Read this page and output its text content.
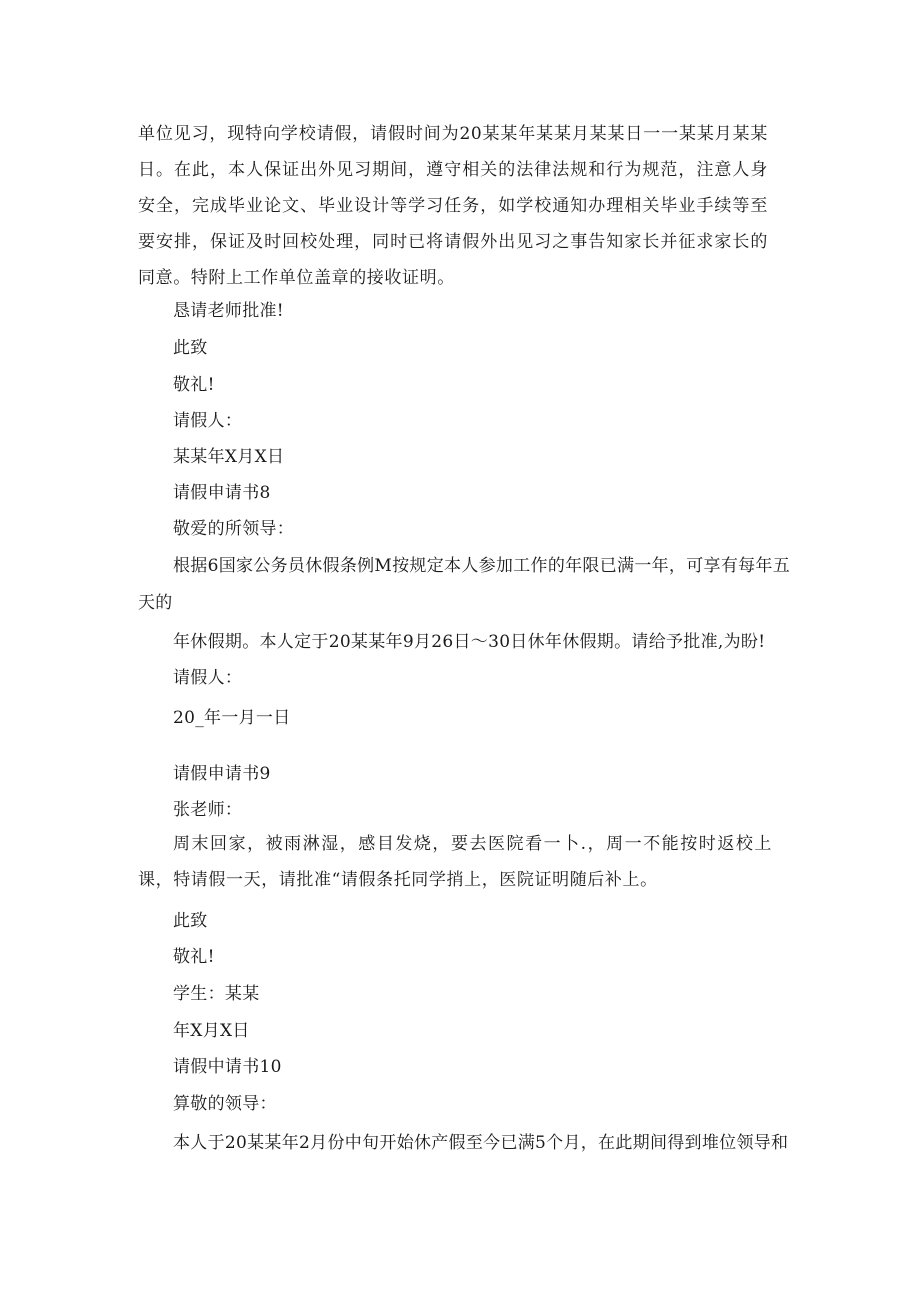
单位见习，现特向学校请假，请假时间为20某某年某某月某某日一一某某月某某日。在此，本人保证出外见习期间，遵守相关的法律法规和行为规范，注意人身安全，完成毕业论文、毕业设计等学习任务，如学校通知办理相关毕业手续等至要安排，保证及时回校处理，同时已将请假外出见习之事告知家长并征求家长的同意。特附上工作单位盖章的接收证明。
恳请老师批准!
此致
敬礼!
请假人：
某某年X月X日
请假申请书8
敬爱的所领导：
根据6国家公务员休假条例M按规定本人参加工作的年限已满一年，可享有每年五
天的
年休假期。本人定于20某某年9月26日～30日休年休假期。请给予批准,为盼!
请假人：
20_年一月一日
请假申请书9
张老师：
周末回家，被雨淋湿，感目发烧，要去医院看一卜.，周一不能按时返校上课，特请假一天，请批准“请假条托同学捎上，医院证明随后补上。
此致
敬礼!
学生：某某
年X月X日
请假中请书10
算敬的领导：
本人于20某某年2月份中旬开始休产假至今已满5个月，在此期间得到堆位领导和
